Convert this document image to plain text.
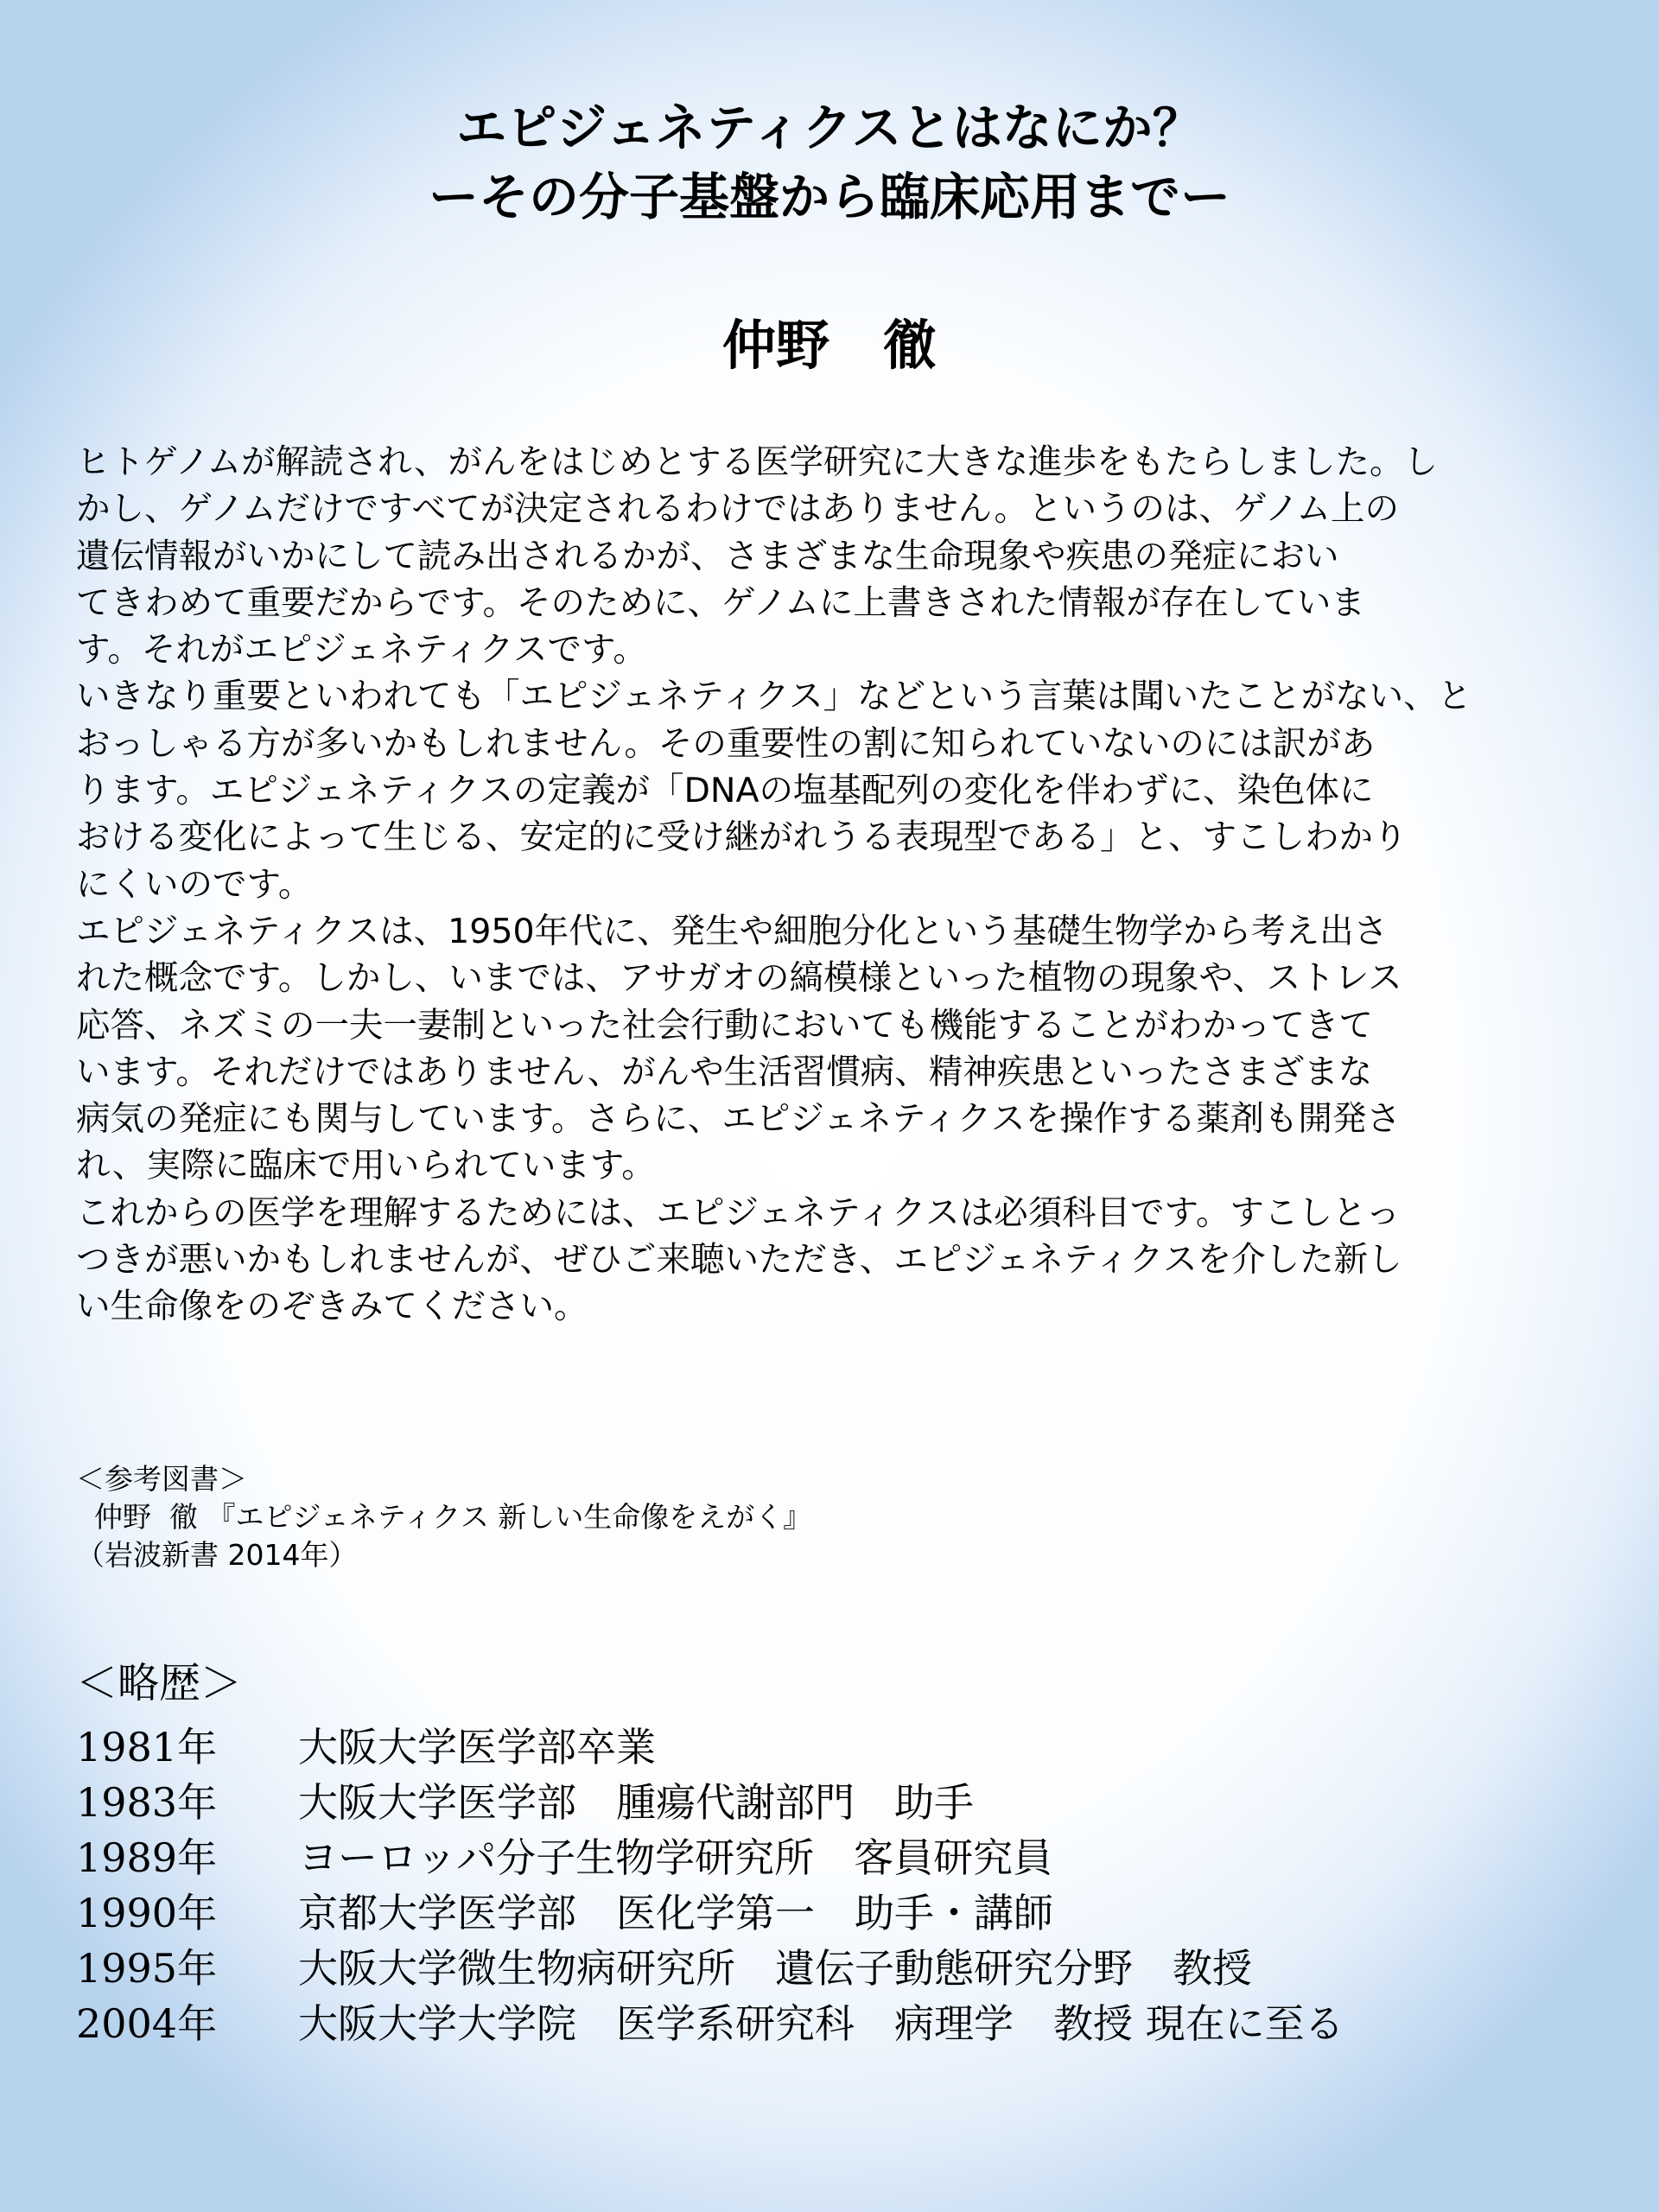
エピジェネティクスとはなにか？
ーその分子基盤から臨床応用までー
仲野　徹
ヒトゲノムが解読され、がんをはじめとする医学研究に大きな進歩をもたらしました。し
かし、ゲノムだけですべてが決定されるわけではありません。というのは、ゲノム上の
遺伝情報がいかにして読み出されるかが、さまざまな生命現象や疾患の発症におい
てきわめて重要だからです。そのために、ゲノムに上書きされた情報が存在していま
す。それがエピジェネティクスです。
いきなり重要といわれても「エピジェネティクス」などという言葉は聞いたことがない、と
おっしゃる方が多いかもしれません。その重要性の割に知られていないのには訳があ
ります。エピジェネティクスの定義が「DNAの塩基配列の変化を伴わずに、染色体に
おける変化によって生じる、安定的に受け継がれうる表現型である」と、すこしわかり
にくいのです。
エピジェネティクスは、1950年代に、発生や細胞分化という基礎生物学から考え出さ
れた概念です。しかし、いまでは、アサガオの縞模様といった植物の現象や、ストレス
応答、ネズミの一夫一妻制といった社会行動においても機能することがわかってきて
います。それだけではありません、がんや生活習慣病、精神疾患といったさまざまな
病気の発症にも関与しています。さらに、エピジェネティクスを操作する薬剤も開発さ
れ、実際に臨床で用いられています。
これからの医学を理解するためには、エピジェネティクスは必須科目です。すこしとっ
つきが悪いかもしれませんが、ぜひご来聴いただき、エピジェネティクスを介した新し
い生命像をのぞきみてください。
＜参考図書＞
仲野  徹 『エピジェネティクス 新しい生命像をえがく』
（岩波新書 2014年）
＜略歴＞
1981年	大阪大学医学部卒業
1983年	大阪大学医学部　腫瘍代謝部門　助手
1989年	ヨーロッパ分子生物学研究所　客員研究員
1990年	京都大学医学部　医化学第一　助手・講師
1995年	大阪大学微生物病研究所　遺伝子動態研究分野　教授
2004年	大阪大学大学院　医学系研究科　病理学　教授 現在に至る
